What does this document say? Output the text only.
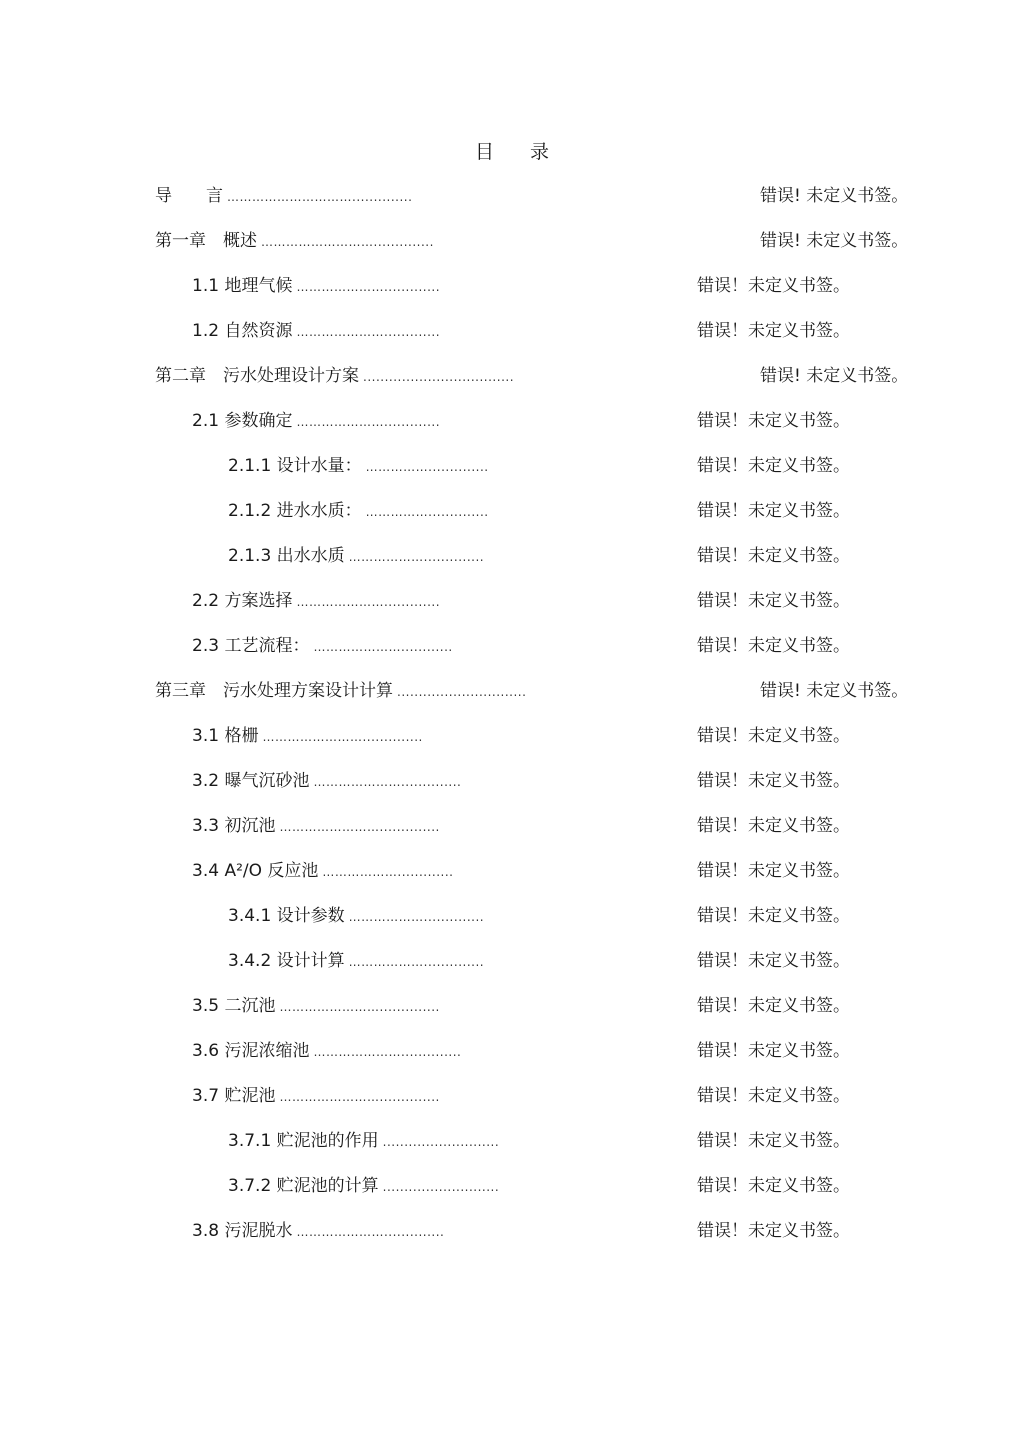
目 录
导　　言 …………………………..............	错误! 未定义书签。
第一章　概述 ………………………..............	错误! 未定义书签。
1.1 地理气候 ………………….............	错误！未定义书签。
1.2 自然资源 ………………….............	错误！未定义书签。
第二章　污水处理设计方案 ...................................	错误! 未定义书签。
2.1 参数确定 ………………….............	错误！未定义书签。
2.1.1 设计水量： ……………..............	错误！未定义书签。
2.1.2 进水水质： ……………..............	错误！未定义书签。
2.1.3 出水水质 ………………..............	错误！未定义书签。
2.2 方案选择 ………………….............	错误！未定义书签。
2.3 工艺流程： …………………............	错误！未定义书签。
第三章　污水处理方案设计计算 ..............................	错误! 未定义书签。
3.1 格栅 ……………………..............	错误！未定义书签。
3.2 曝气沉砂池 …………………..............	错误！未定义书签。
3.3 初沉池 ……………………..............	错误！未定义书签。
3.4 A²/O 反应池 ……………….............	错误！未定义书签。
3.4.1 设计参数 ………………..............	错误！未定义书签。
3.4.2 设计计算 ………………..............	错误！未定义书签。
3.5 二沉池 ……………………..............	错误！未定义书签。
3.6 污泥浓缩池 …………………..............	错误！未定义书签。
3.7 贮泥池 ……………………..............	错误！未定义书签。
3.7.1 贮泥池的作用 ...........................	错误！未定义书签。
3.7.2 贮泥池的计算 ...........................	错误！未定义书签。
3.8 污泥脱水 …………………..............	错误！未定义书签。
